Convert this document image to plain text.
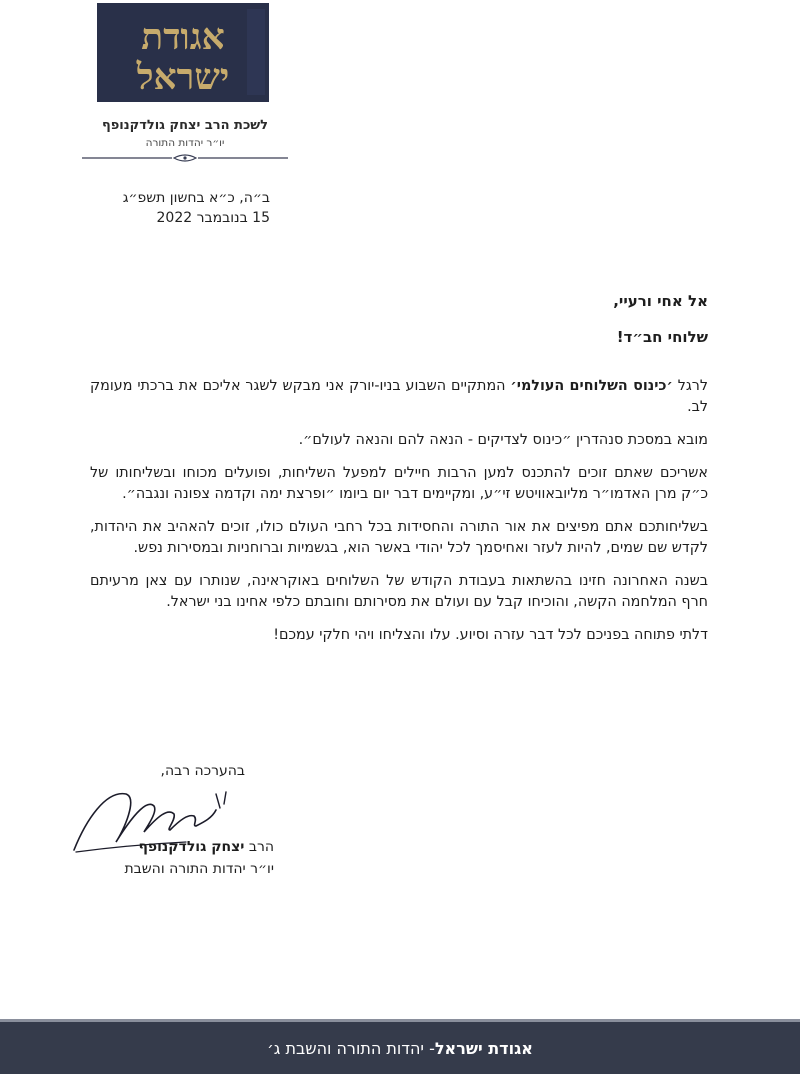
אגודת
ישראל
לשכת הרב יצחק גולדקנופף
יו״ר יהדות התורה
ב״ה, כ״א בחשון תשפ״ג
15 בנובמבר 2022
אל אחי ורעיי,
שלוחי חב״ד!

לרגל ׳כינוס השלוחים העולמי׳ המתקיים השבוע בניו-יורק אני מבקש לשגר אליכם את ברכתי מעומק לב.

מובא במסכת סנהדרין ״כינוס לצדיקים - הנאה להם והנאה לעולם״.

אשריכם שאתם זוכים להתכנס למען הרבות חיילים למפעל השליחות, ופועלים מכוחו ובשליחותו של כ״ק מרן האדמו״ר מליובאוויטש זי״ע, ומקיימים דבר יום ביומו ״ופרצת ימה וקדמה צפונה ונגבה״.

בשליחותכם אתם מפיצים את אור התורה והחסידות בכל רחבי העולם כולו, זוכים להאהיב את היהדות, לקדש שם שמים, להיות לעזר ואחיסמך לכל יהודי באשר הוא, בגשמיות וברוחניות ובמסירות נפש.

בשנה האחרונה חזינו בהשתאות בעבודת הקודש של השלוחים באוקראינה, שנותרו עם צאן מרעיתם חרף המלחמה הקשה, והוכיחו קבל עם ועולם את מסירותם וחובתם כלפי אחינו בני ישראל.

דלתי פתוחה בפניכם לכל דבר עזרה וסיוע. עלו והצליחו ויהי חלקי עמכם!

בהערכה רבה,
הרב יצחק גולדקנופף
יו״ר יהדות התורה והשבת
אגודת ישראל
- יהדות התורה והשבת ג׳
